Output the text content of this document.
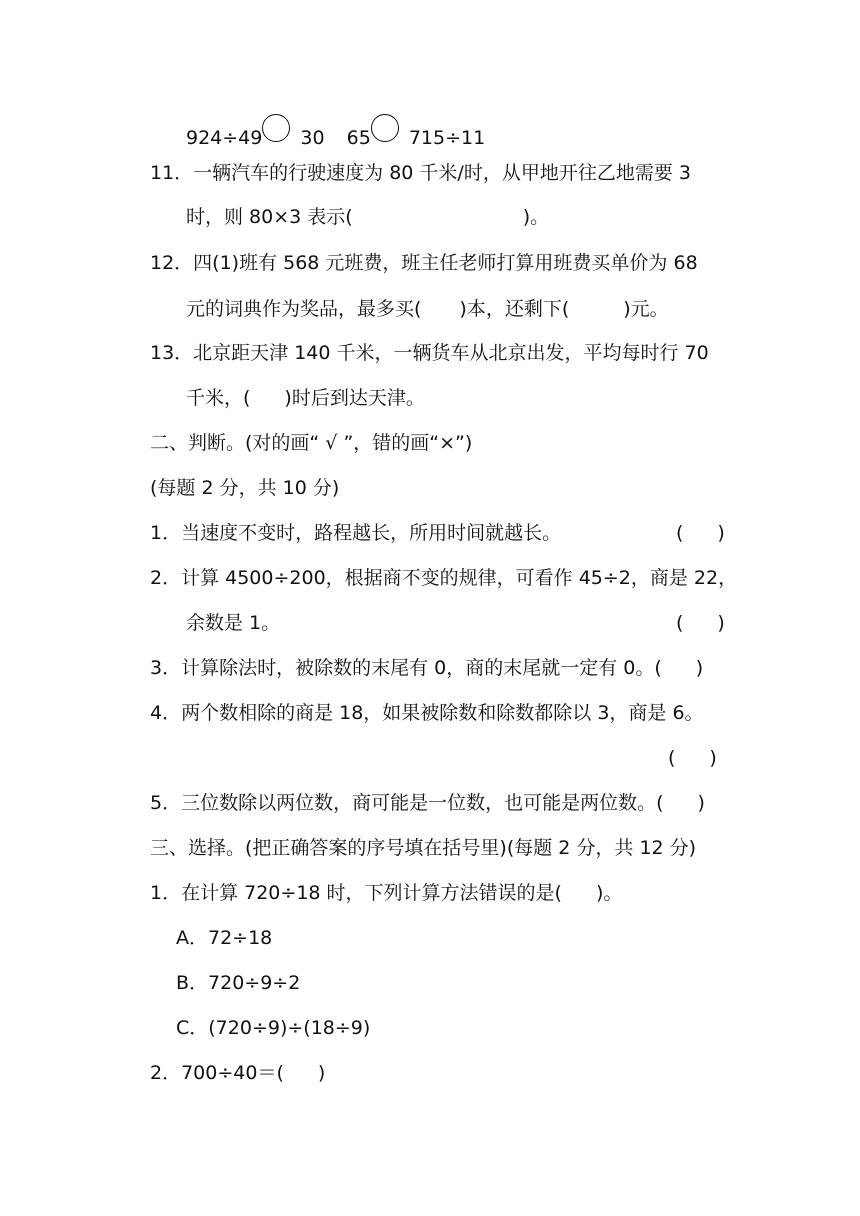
924÷49 30 65 715÷11
11．一辆汽车的行驶速度为 80 千米/时，从甲地开往乙地需要 3
时，则 80×3 表示(	)。
12．四(1)班有 568 元班费，班主任老师打算用班费买单价为 68
元的词典作为奖品，最多买( )本，还剩下(	)元。
13．北京距天津 140 千米，一辆货车从北京出发，平均每时行 70
千米，( )时后到达天津。
二、判断。(对的画“ √ ”，错的画“×”)
(每题 2 分，共 10 分)
1．当速度不变时，路程越长，所用时间就越长。	( )
2．计算 4500÷200，根据商不变的规律，可看作 45÷2，商是 22，
余数是 1。	( )
3．计算除法时，被除数的末尾有 0，商的末尾就一定有 0。( )
4．两个数相除的商是 18，如果被除数和除数都除以 3，商是 6。
( )
5．三位数除以两位数，商可能是一位数，也可能是两位数。( )
三、选择。(把正确答案的序号填在括号里)(每题 2 分，共 12 分)
1．在计算 720÷18 时，下列计算方法错误的是( )。
A．72÷18
B．720÷9÷2
C．(720÷9)÷(18÷9)
2．700÷40＝( )
